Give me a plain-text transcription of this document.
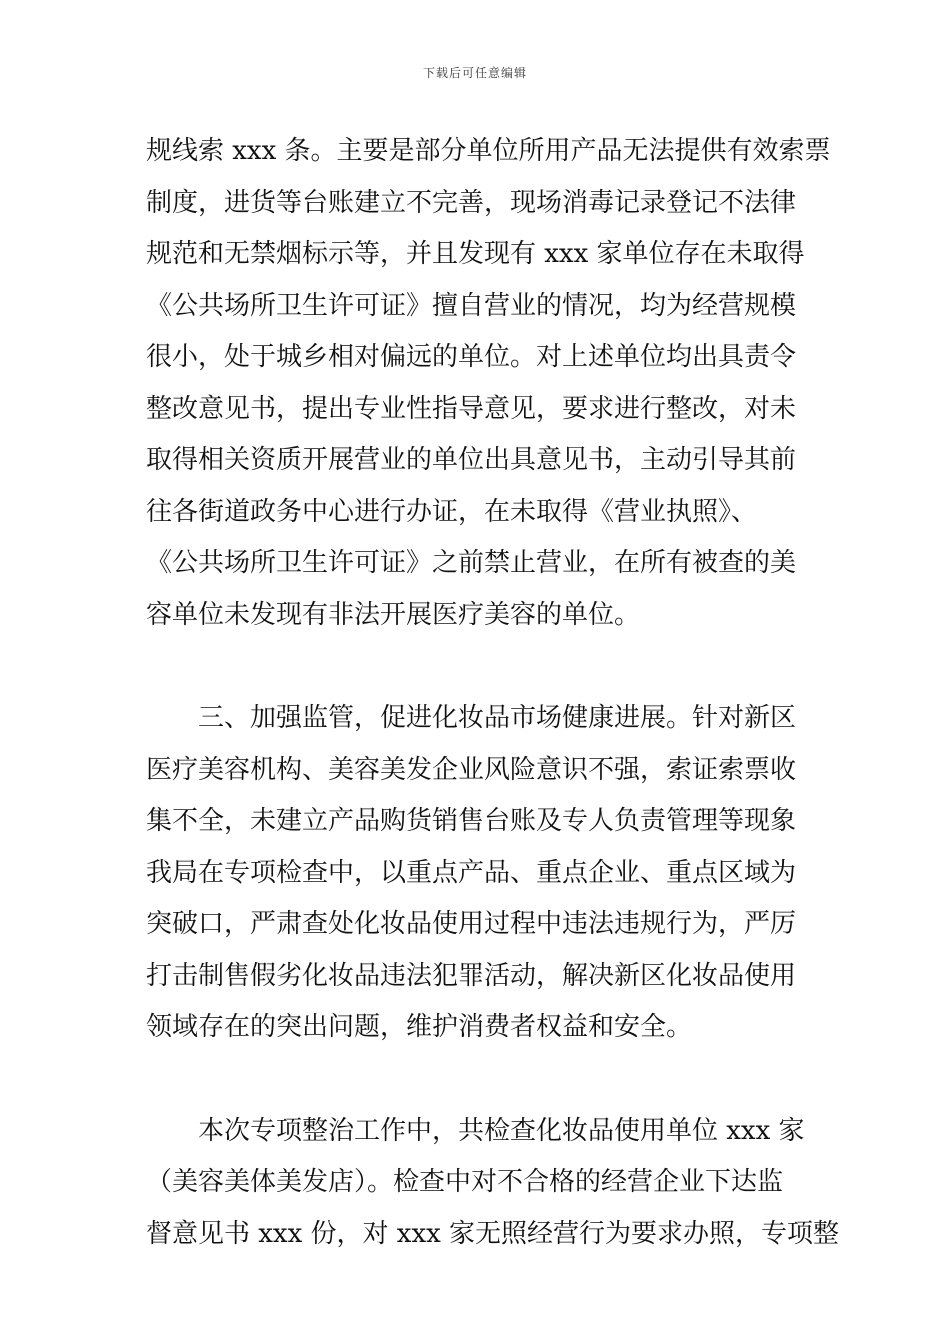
下载后可任意编辑
规线索 xxx 条。主要是部分单位所用产品无法提供有效索票
制度，进货等台账建立不完善，现场消毒记录登记不法律
规范和无禁烟标示等，并且发现有 xxx 家单位存在未取得
《公共场所卫生许可证》擅自营业的情况，均为经营规模
很小，处于城乡相对偏远的单位。对上述单位均出具责令
整改意见书，提出专业性指导意见，要求进行整改，对未
取得相关资质开展营业的单位出具意见书，主动引导其前
往各街道政务中心进行办证，在未取得《营业执照》、
《公共场所卫生许可证》之前禁止营业，在所有被查的美
容单位未发现有非法开展医疗美容的单位。
三、加强监管，促进化妆品市场健康进展。针对新区
医疗美容机构、美容美发企业风险意识不强，索证索票收
集不全，未建立产品购货销售台账及专人负责管理等现象
我局在专项检查中，以重点产品、重点企业、重点区域为
突破口，严肃查处化妆品使用过程中违法违规行为，严厉
打击制售假劣化妆品违法犯罪活动，解决新区化妆品使用
领域存在的突出问题，维护消费者权益和安全。
本次专项整治工作中，共检查化妆品使用单位 xxx 家
（美容美体美发店）。检查中对不合格的经营企业下达监
督意见书 xxx 份，对 xxx 家无照经营行为要求办照，专项整
